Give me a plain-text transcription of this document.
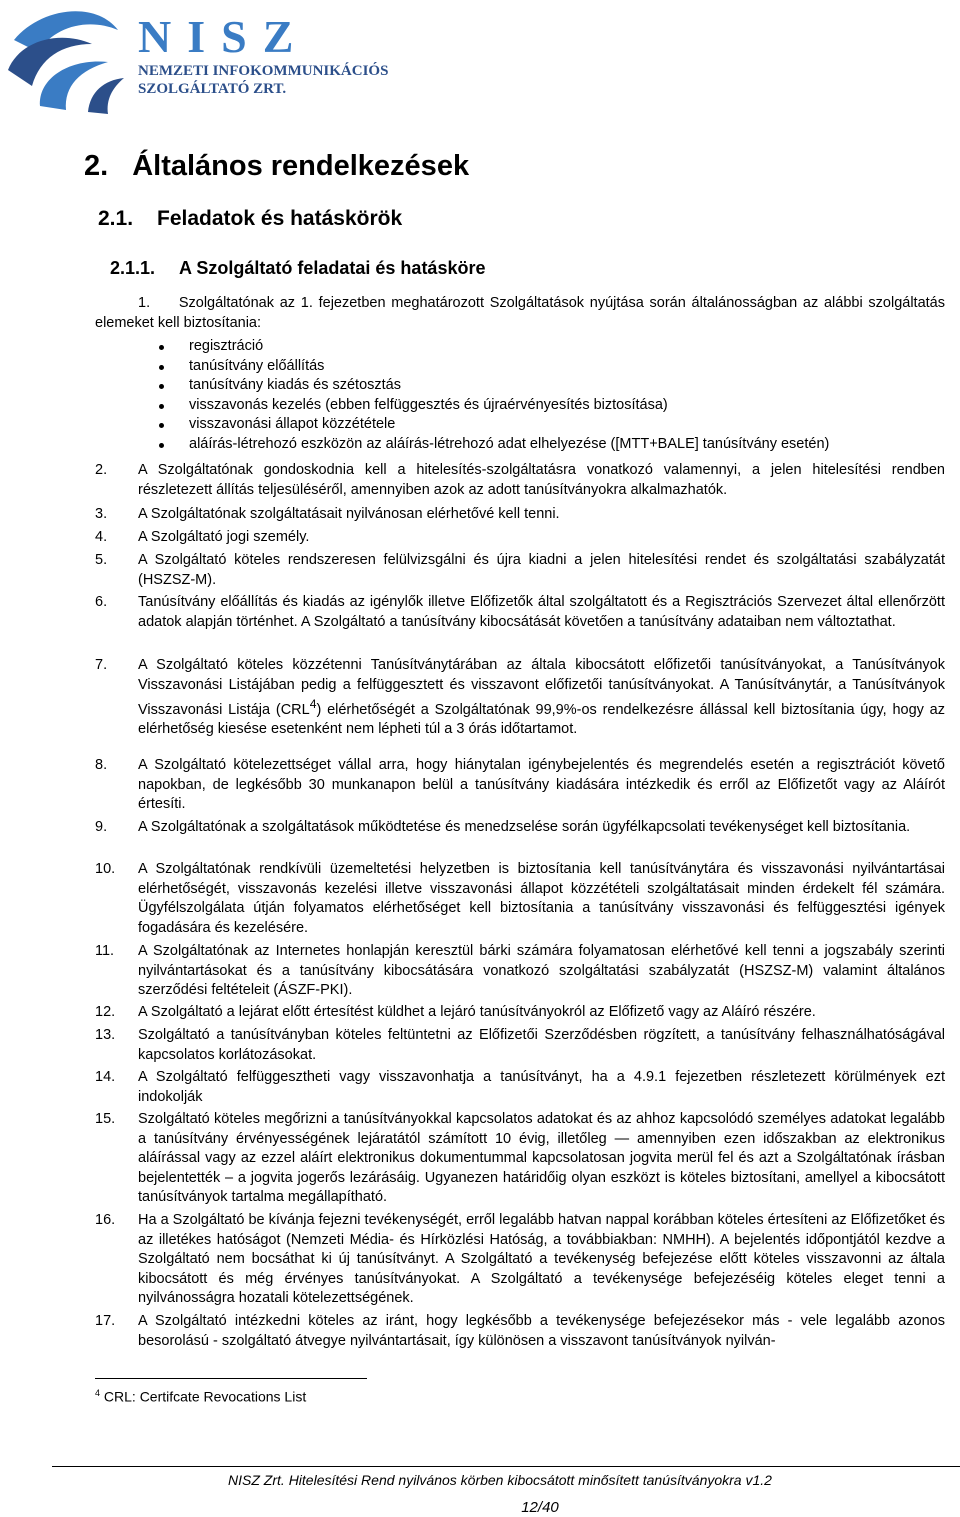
NISZ
NEMZETI INFOKOMMUNIKÁCIÓS
SZOLGÁLTATÓ ZRT.
2. Általános rendelkezések
2.1. Feladatok és hatáskörök
2.1.1. A Szolgáltató feladatai és hatásköre
1. Szolgáltatónak az 1. fejezetben meghatározott Szolgáltatások nyújtása során általánosságban az alábbi szolgáltatás elemeket kell biztosítania:
regisztráció
tanúsítvány előállítás
tanúsítvány kiadás és szétosztás
visszavonás kezelés (ebben felfüggesztés és újraérvényesítés biztosítása)
visszavonási állapot közzététele
aláírás-létrehozó eszközön az aláírás-létrehozó adat elhelyezése ([MTT+BALE] tanúsítvány esetén)
2. A Szolgáltatónak gondoskodnia kell a hitelesítés-szolgáltatásra vonatkozó valamennyi, a jelen hitelesítési rendben részletezett állítás teljesüléséről, amennyiben azok az adott tanúsítványokra alkalmazhatók.
3. A Szolgáltatónak szolgáltatásait nyilvánosan elérhetővé kell tenni.
4. A Szolgáltató jogi személy.
5. A Szolgáltató köteles rendszeresen felülvizsgálni és újra kiadni a jelen hitelesítési rendet és szolgáltatási szabályzatát (HSZSZ-M).
6. Tanúsítvány előállítás és kiadás az igénylők illetve Előfizetők által szolgáltatott és a Regisztrációs Szervezet által ellenőrzött adatok alapján történhet. A Szolgáltató a tanúsítvány kibocsátását követően a tanúsítvány adataiban nem változtathat.
7. A Szolgáltató köteles közzétenni Tanúsítványtárában az általa kibocsátott előfizetői tanúsítványokat, a Tanúsítványok Visszavonási Listájában pedig a felfüggesztett és visszavont előfizetői tanúsítványokat. A Tanúsítványtár, a Tanúsítványok Visszavonási Listája (CRL$^4$) elérhetőségét a Szolgáltatónak 99,9%-os rendelkezésre állással kell biztosítania úgy, hogy az elérhetőség kiesése esetenként nem lépheti túl a 3 órás időtartamot.
8. A Szolgáltató kötelezettséget vállal arra, hogy hiánytalan igénybejelentés és megrendelés esetén a regisztrációt követő napokban, de legkésőbb 30 munkanapon belül a tanúsítvány kiadására intézkedik és erről az Előfizetőt vagy az Aláírót értesíti.
9. A Szolgáltatónak a szolgáltatások működtetése és menedzselése során ügyfélkapcsolati tevékenységet kell biztosítania.
10. A Szolgáltatónak rendkívüli üzemeltetési helyzetben is biztosítania kell tanúsítványtára és visszavonási nyilvántartásai elérhetőségét, visszavonás kezelési illetve visszavonási állapot közzétételi szolgáltatásait minden érdekelt fél számára. Ügyfélszolgálata útján folyamatos elérhetőséget kell biztosítania a tanúsítvány visszavonási és felfüggesztési igények fogadására és kezelésére.
11. A Szolgáltatónak az Internetes honlapján keresztül bárki számára folyamatosan elérhetővé kell tenni a jogszabály szerinti nyilvántartásokat és a tanúsítvány kibocsátására vonatkozó szolgáltatási szabályzatát (HSZSZ-M) valamint általános szerződési feltételeit (ÁSZF-PKI).
12. A Szolgáltató a lejárat előtt értesítést küldhet a lejáró tanúsítványokról az Előfizető vagy az Aláíró részére.
13. Szolgáltató a tanúsítványban köteles feltüntetni az Előfizetői Szerződésben rögzített, a tanúsítvány felhasználhatóságával kapcsolatos korlátozásokat.
14. A Szolgáltató felfüggesztheti vagy visszavonhatja a tanúsítványt, ha a 4.9.1 fejezetben részletezett körülmények ezt indokolják
15. Szolgáltató köteles megőrizni a tanúsítványokkal kapcsolatos adatokat és az ahhoz kapcsolódó személyes adatokat legalább a tanúsítvány érvényességének lejáratától számított 10 évig, illetőleg — amennyiben ezen időszakban az elektronikus aláírással vagy az ezzel aláírt elektronikus dokumentummal kapcsolatosan jogvita merül fel és azt a Szolgáltatónak írásban bejelentették – a jogvita jogerős lezárásáig. Ugyanezen határidőig olyan eszközt is köteles biztosítani, amellyel a kibocsátott tanúsítványok tartalma megállapítható.
16. Ha a Szolgáltató be kívánja fejezni tevékenységét, erről legalább hatvan nappal korábban köteles értesíteni az Előfizetőket és az illetékes hatóságot (Nemzeti Média- és Hírközlési Hatóság, a továbbiakban: NMHH). A bejelentés időpontjától kezdve a Szolgáltató nem bocsáthat ki új tanúsítványt. A Szolgáltató a tevékenység befejezése előtt köteles visszavonni az általa kibocsátott és még érvényes tanúsítványokat. A Szolgáltató a tevékenysége befejezéséig köteles eleget tenni a nyilvánosságra hozatali kötelezettségének.
17. A Szolgáltató intézkedni köteles az iránt, hogy legkésőbb a tevékenysége befejezésekor más - vele legalább azonos besorolású - szolgáltató átvegye nyilvántartásait, így különösen a visszavont tanúsítványok nyilván-
$^4$ CRL: Certifcate Revocations List
NISZ Zrt. Hitelesítési Rend nyilvános körben kibocsátott minősített tanúsítványokra v1.2
12/40
